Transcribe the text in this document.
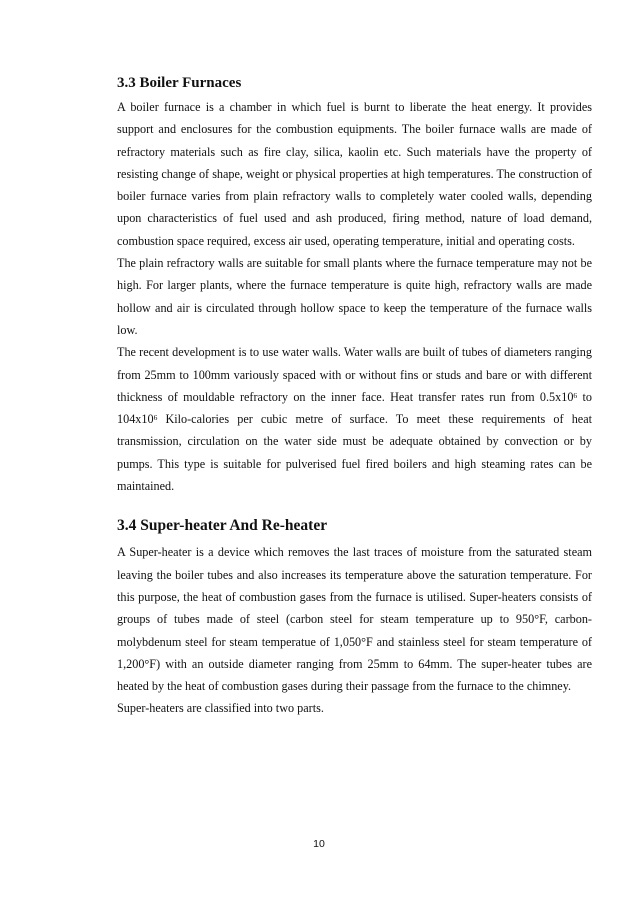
3.3 Boiler Furnaces

A boiler furnace is a chamber in which fuel is burnt to liberate the heat energy. It provides support and enclosures for the combustion equipments. The boiler furnace walls are made of refractory materials such as fire clay, silica, kaolin etc. Such materials have the property of resisting change of shape, weight or physical properties at high temperatures. The construction of boiler furnace varies from plain refractory walls to completely water cooled walls, depending upon characteristics of fuel used and ash produced, firing method, nature of load demand, combustion space required, excess air used, operating temperature, initial and operating costs.

The plain refractory walls are suitable for small plants where the furnace temperature may not be high. For larger plants, where the furnace temperature is quite high, refractory walls are made hollow and air is circulated through hollow space to keep the temperature of the furnace walls low.

The recent development is to use water walls. Water walls are built of tubes of diameters ranging from 25mm to 100mm variously spaced with or without fins or studs and bare or with different thickness of mouldable refractory on the inner face. Heat transfer rates run from $0.5x10^6$ to $104x10^6$ Kilo-calories per cubic metre of surface. To meet these requirements of heat transmission, circulation on the water side must be adequate obtained by convection or by pumps. This type is suitable for pulverised fuel fired boilers and high steaming rates can be maintained.

3.4 Super-heater And Re-heater

A Super-heater is a device which removes the last traces of moisture from the saturated steam leaving the boiler tubes and also increases its temperature above the saturation temperature. For this purpose, the heat of combustion gases from the furnace is utilised. Super-heaters consists of groups of tubes made of steel (carbon steel for steam temperature up to 950°F, carbon-molybdenum steel for steam temperatue of 1,050°F and stainless steel for steam temperature of 1,200°F) with an outside diameter ranging from 25mm to 64mm. The super-heater tubes are heated by the heat of combustion gases during their passage from the furnace to the chimney.

Super-heaters are classified into two parts.

10
